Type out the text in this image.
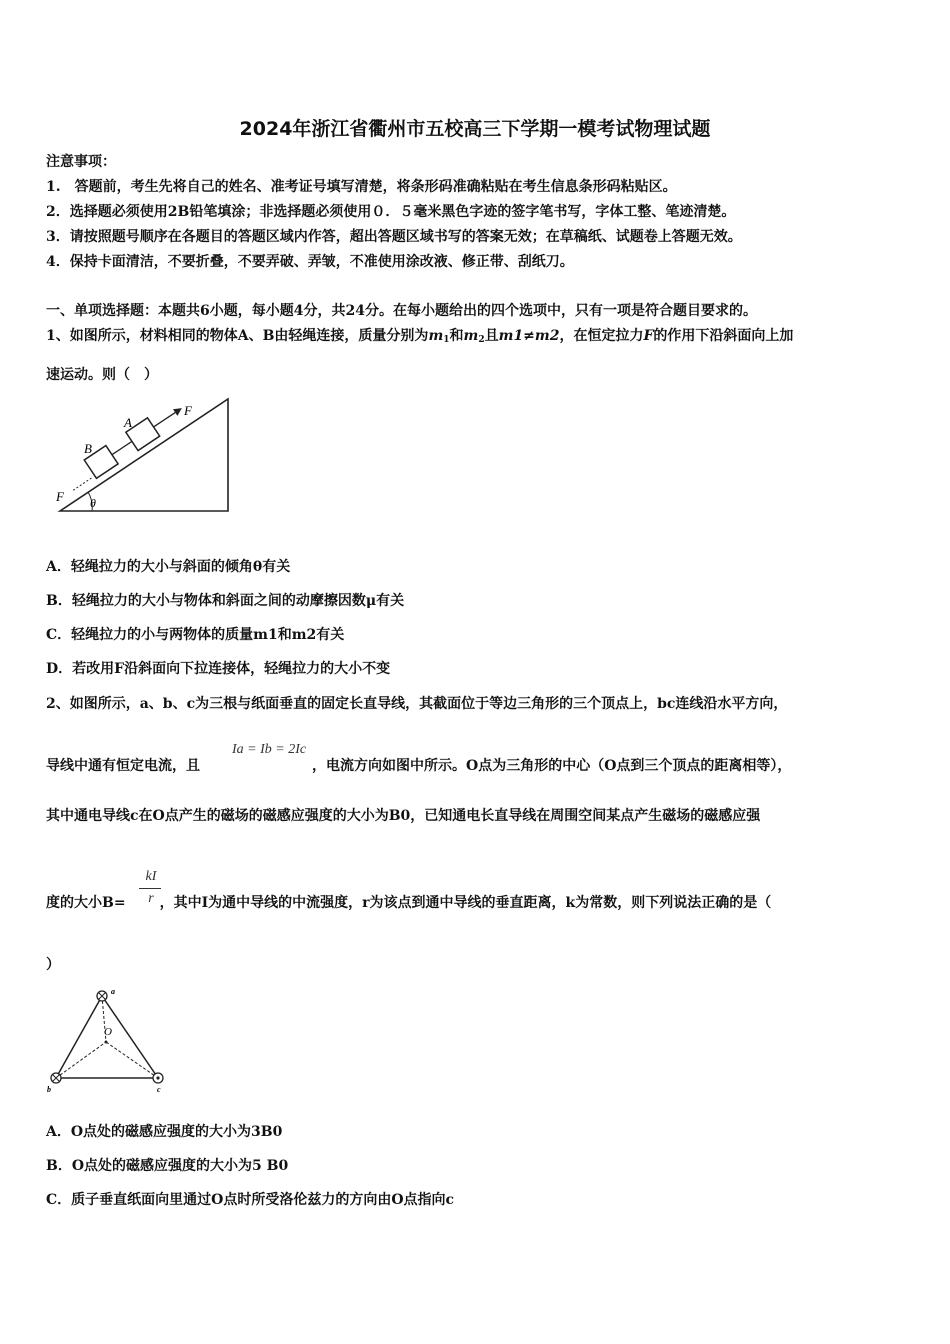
2024年浙江省衢州市五校高三下学期一模考试物理试题
注意事项：
1.　答题前，考生先将自己的姓名、准考证号填写清楚，将条形码准确粘贴在考生信息条形码粘贴区。
2．选择题必须使用2B铅笔填涂；非选择题必须使用０．５毫米黑色字迹的签字笔书写，字体工整、笔迹清楚。
3．请按照题号顺序在各题目的答题区域内作答，超出答题区域书写的答案无效；在草稿纸、试题卷上答题无效。
4．保持卡面清洁，不要折叠，不要弄破、弄皱，不准使用涂改液、修正带、刮纸刀。
一、单项选择题：本题共6小题，每小题4分，共24分。在每小题给出的四个选项中，只有一项是符合题目要求的。
1、如图所示，材料相同的物体A、B由轻绳连接，质量分别为$m_1$和$m_2$且m1≠m2，在恒定拉力F的作用下沿斜面向上加
速运动。则（　）
A
B
F
F θ
A．轻绳拉力的大小与斜面的倾角θ有关
B．轻绳拉力的大小与物体和斜面之间的动摩擦因数μ有关
C．轻绳拉力的小与两物体的质量m1和m2有关
D．若改用F沿斜面向下拉连接体，轻绳拉力的大小不变
2、如图所示，a、b、c为三根与纸面垂直的固定长直导线，其截面位于等边三角形的三个顶点上，bc连线沿水平方向，
导线中通有恒定电流，且	，电流方向如图中所示。O点为三角形的中心（O点到三个顶点的距离相等），
Ia = Ib = 2Ic
其中通电导线c在O点产生的磁场的磁感应强度的大小为B0，已知通电长直导线在周围空间某点产生磁场的磁感应强
度的大小B= ，其中I为通中导线的中流强度，r为该点到通中导线的垂直距离，k为常数，则下列说法正确的是（
kI
r
）
a
b	c
O
A．O点处的磁感应强度的大小为3B0
B．O点处的磁感应强度的大小为5 B0
C．质子垂直纸面向里通过O点时所受洛伦兹力的方向由O点指向c
